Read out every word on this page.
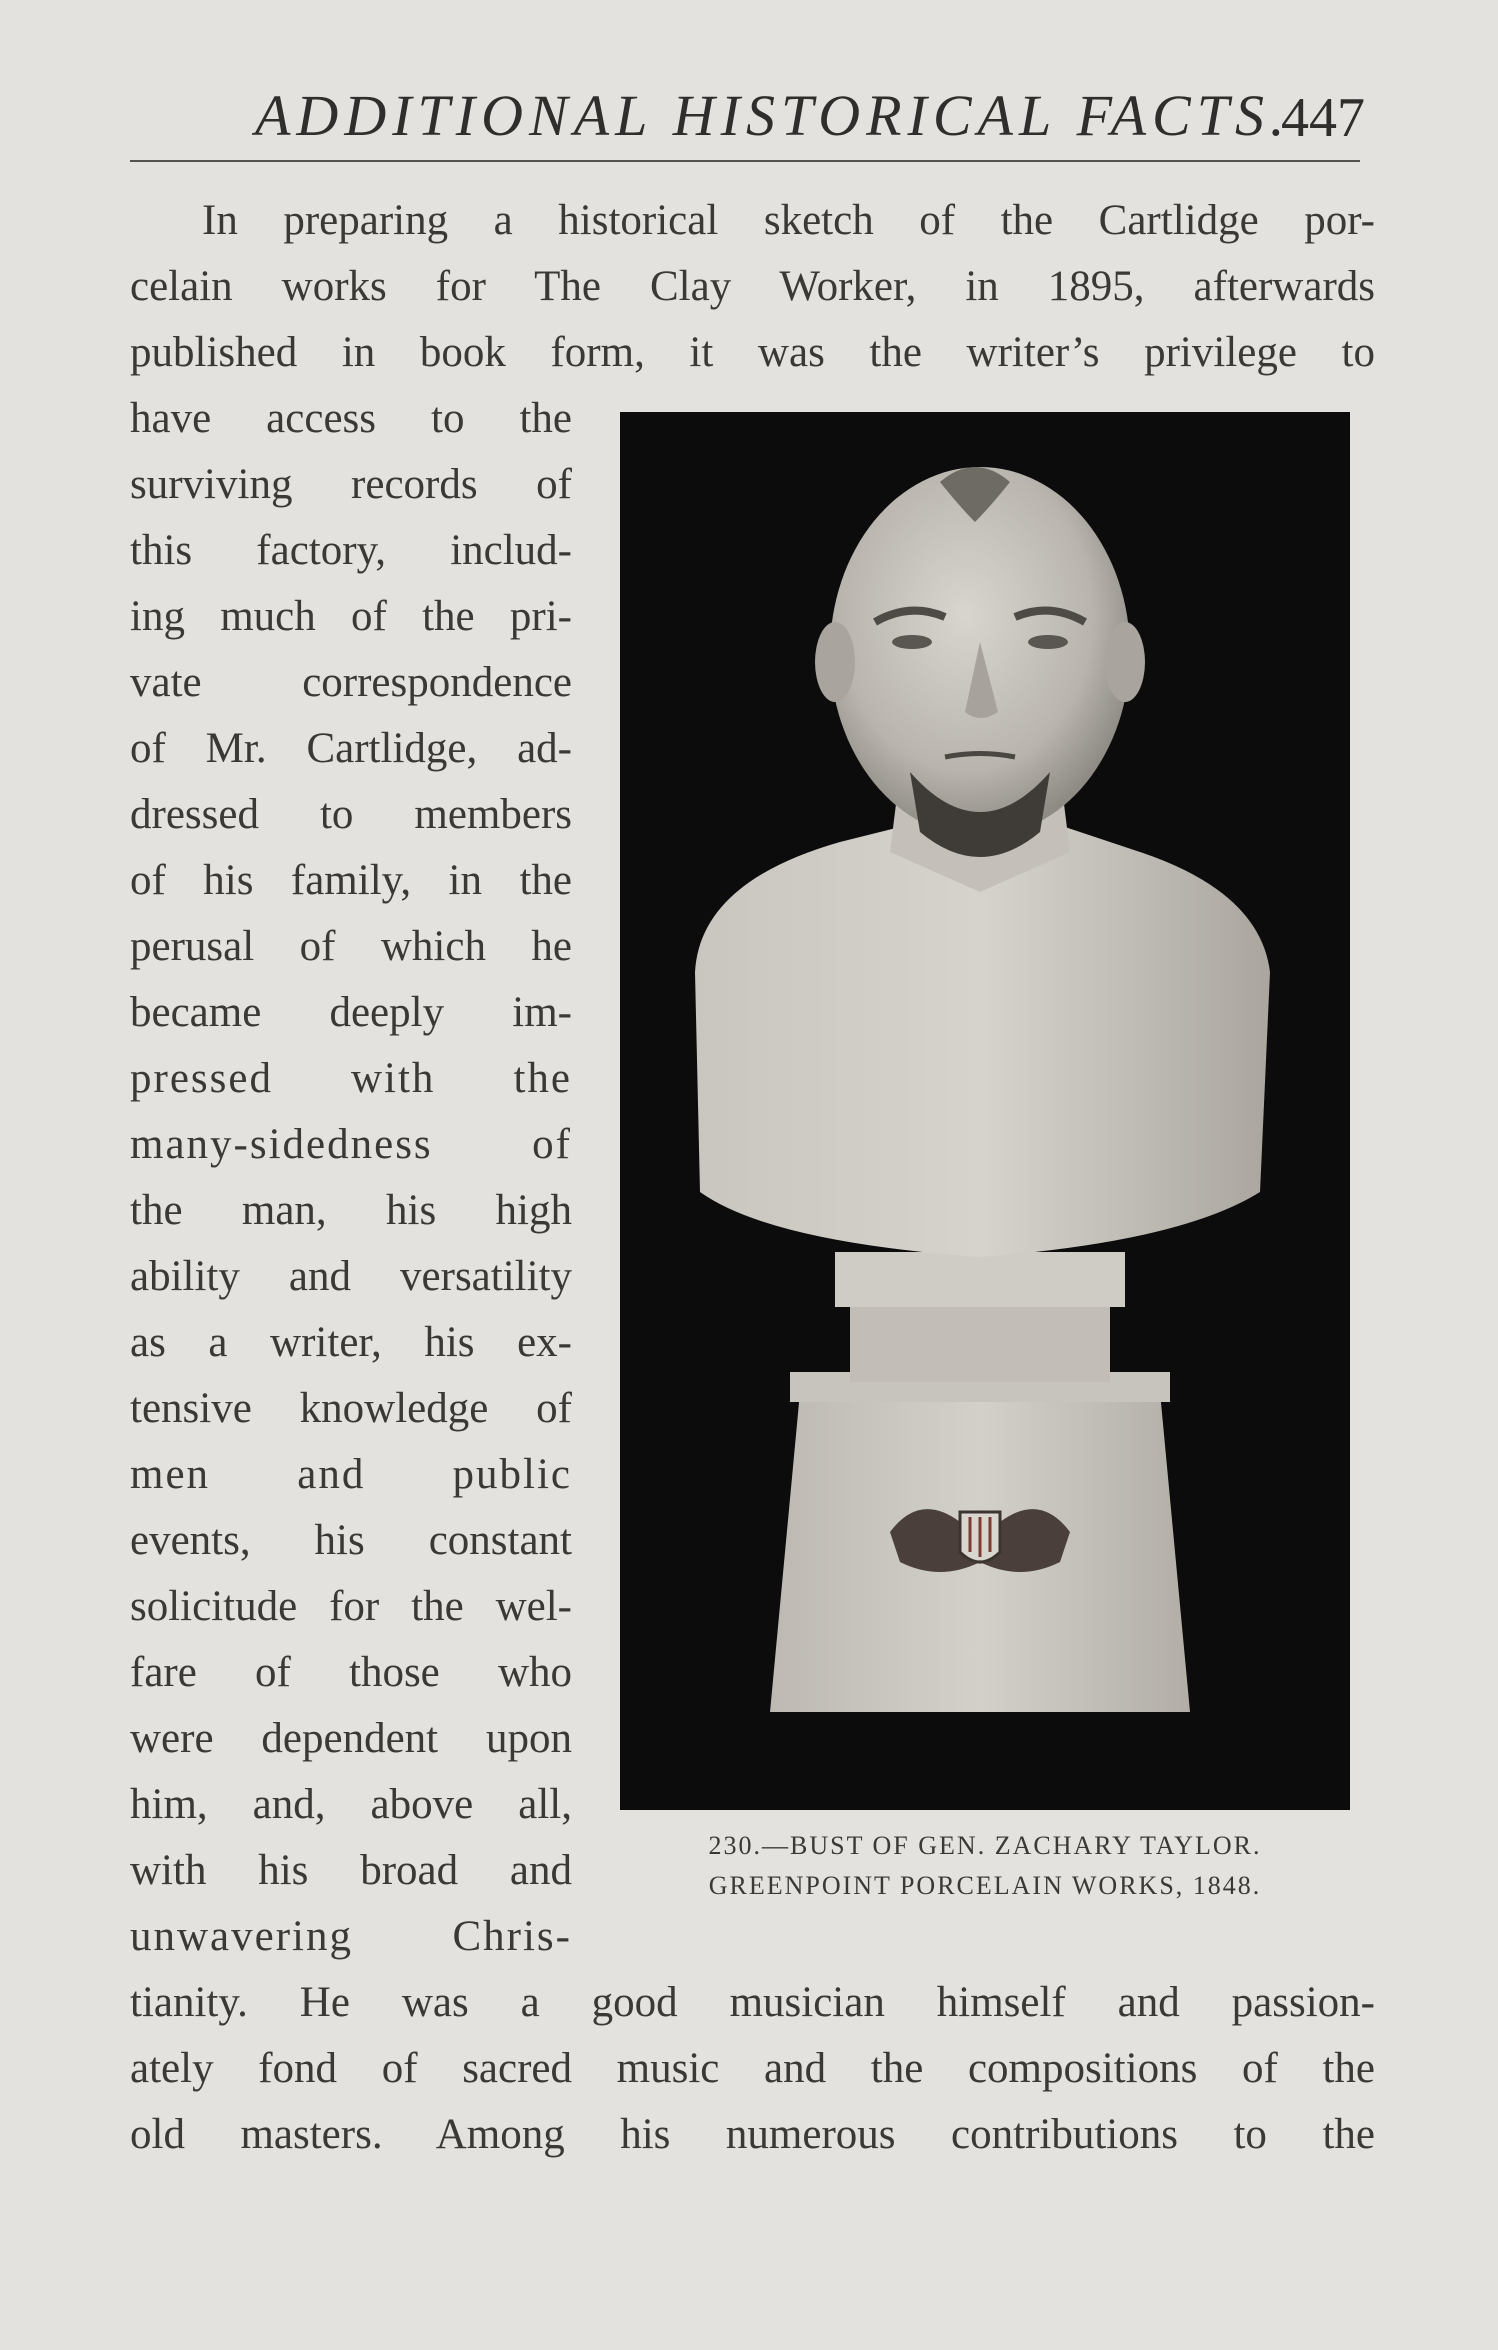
ADDITIONAL HISTORICAL FACTS.
447
In preparing a historical sketch of the Cartlidge por-
celain works for The Clay Worker, in 1895, afterwards
published in book form, it was the writer’s privilege to
have access to the
surviving records of
this factory, includ-
ing much of the pri-
vate correspondence
of Mr. Cartlidge, ad-
dressed to members
of his family, in the
perusal of which he
became deeply im-
pressed with the
many-sidedness of
the man, his high
ability and versatility
as a writer, his ex-
tensive knowledge of
men and public
events, his constant
solicitude for the wel-
fare of those who
were dependent upon
him, and, above all,
with his broad and
unwavering Chris-
tianity. He was a good musician himself and passion-
ately fond of sacred music and the compositions of the
old masters. Among his numerous contributions to the
230.—BUST OF GEN. ZACHARY TAYLOR.
GREENPOINT PORCELAIN WORKS, 1848.
